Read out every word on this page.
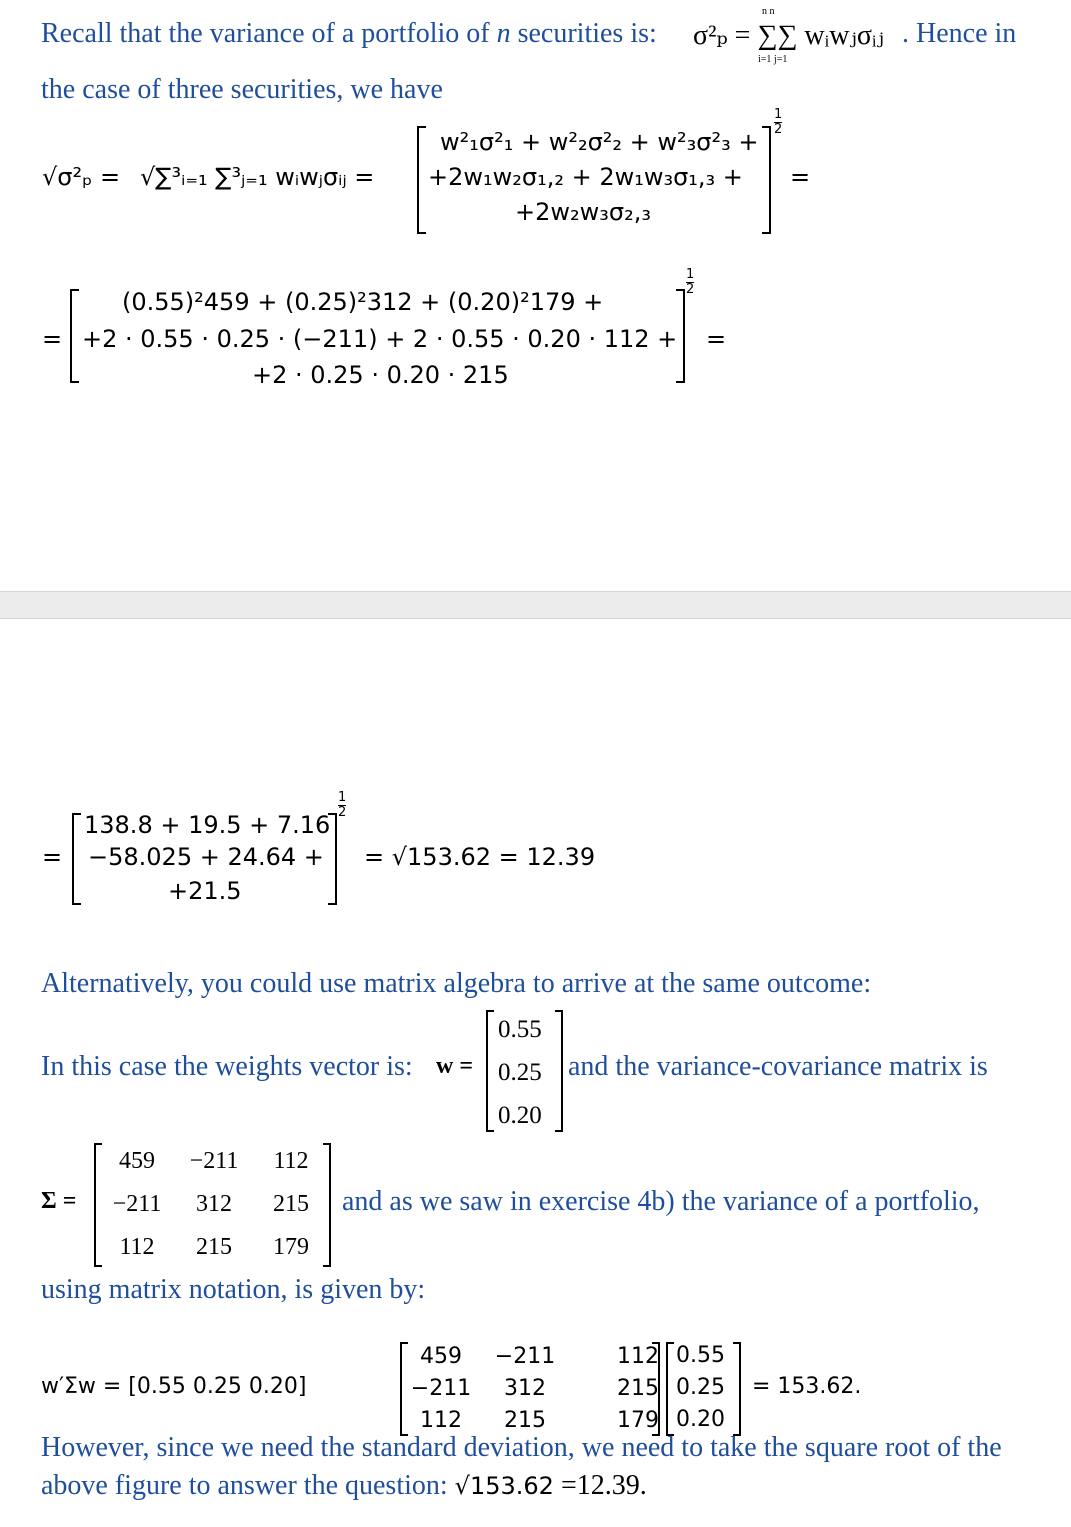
Recall that the variance of a portfolio of n securities is: σ²ₚ = ∑∑ wᵢwⱼσᵢⱼ
n n
i=1 j=1
. Hence in
the case of three securities, we have
√σ²ₚ = √∑³ᵢ₌₁ ∑³ⱼ₌₁ wᵢwⱼσᵢⱼ =
w²₁σ²₁ + w²₂σ²₂ + w²₃σ²₃ +
+2w₁w₂σ₁,₂ + 2w₁w₃σ₁,₃ +
+2w₂w₃σ₂,₃
1
2
=
=
(0.55)²459 + (0.25)²312 + (0.20)²179 +
+2 · 0.55 · 0.25 · (−211) + 2 · 0.55 · 0.20 · 112 +
+2 · 0.25 · 0.20 · 215
1
2
=
=
138.8 + 19.5 + 7.16
−58.025 + 24.64 +
+21.5
1
2
= √153.62 = 12.39
Alternatively, you could use matrix algebra to arrive at the same outcome:
In this case the weights vector is: w =
0.55
0.25
0.20
and the variance-covariance matrix is
Σ =
459	−211	112
−211	312	215
112	215	179
and as we saw in exercise 4b) the variance of a portfolio,
using matrix notation, is given by:
w′Σw = [0.55 0.25 0.20]
459	−211	112
−211	312	215
112	215	179
0.55
0.25
0.20
= 153.62.
However, since we need the standard deviation, we need to take the square root of the
above figure to answer the question: √153.62 =12.39.
